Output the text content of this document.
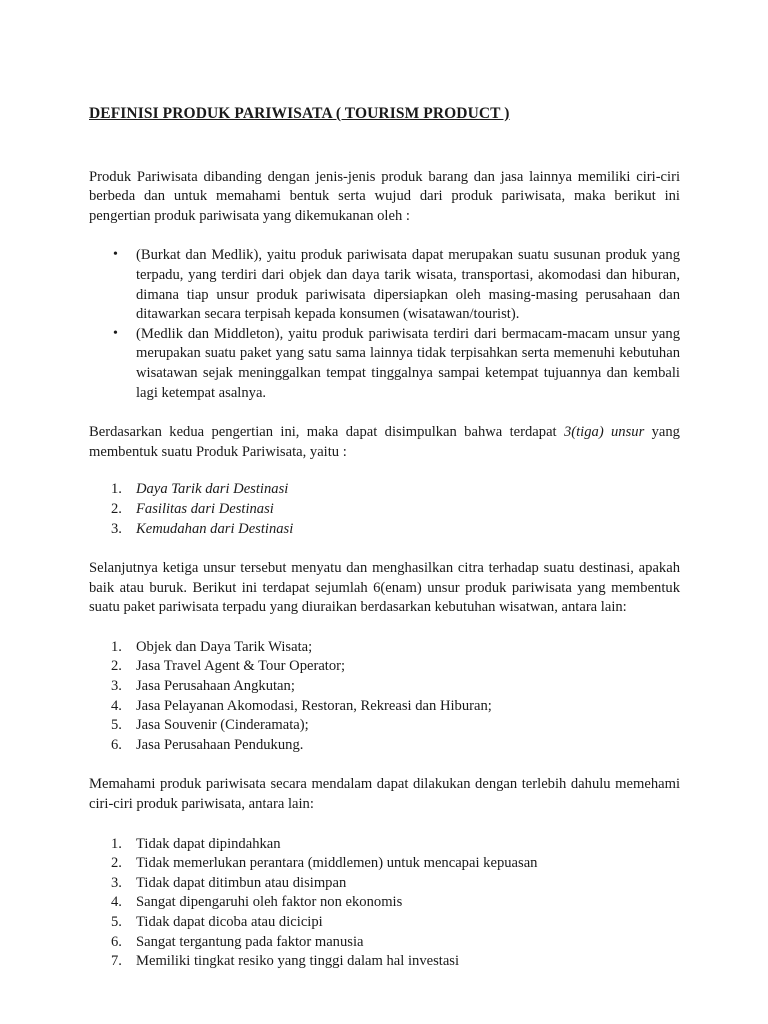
DEFINISI PRODUK PARIWISATA ( TOURISM PRODUCT )

Produk Pariwisata dibanding dengan jenis-jenis produk barang dan jasa lainnya memiliki ciri-ciri berbeda dan untuk memahami bentuk serta wujud dari produk pariwisata, maka berikut ini pengertian produk pariwisata yang dikemukanan oleh :

• (Burkat dan Medlik), yaitu produk pariwisata dapat merupakan suatu susunan produk yang terpadu, yang terdiri dari objek dan daya tarik wisata, transportasi, akomodasi dan hiburan, dimana tiap unsur produk pariwisata dipersiapkan oleh masing-masing perusahaan dan ditawarkan secara terpisah kepada konsumen (wisatawan/tourist).
• (Medlik dan Middleton), yaitu produk pariwisata terdiri dari bermacam-macam unsur yang merupakan suatu paket yang satu sama lainnya tidak terpisahkan serta memenuhi kebutuhan wisatawan sejak meninggalkan tempat tinggalnya sampai ketempat tujuannya dan kembali lagi ketempat asalnya.

Berdasarkan kedua pengertian ini, maka dapat disimpulkan bahwa terdapat 3(tiga) unsur yang membentuk suatu Produk Pariwisata, yaitu :

Daya Tarik dari Destinasi
Fasilitas dari Destinasi
Kemudahan dari Destinasi

Selanjutnya ketiga unsur tersebut menyatu dan menghasilkan citra terhadap suatu destinasi, apakah baik atau buruk. Berikut ini terdapat sejumlah 6(enam) unsur produk pariwisata yang membentuk suatu paket pariwisata terpadu yang diuraikan berdasarkan kebutuhan wisatwan, antara lain:

Objek dan Daya Tarik Wisata;
Jasa Travel Agent & Tour Operator;
Jasa Perusahaan Angkutan;
Jasa Pelayanan Akomodasi, Restoran, Rekreasi dan Hiburan;
Jasa Souvenir (Cinderamata);
Jasa Perusahaan Pendukung.

Memahami produk pariwisata secara mendalam dapat dilakukan dengan terlebih dahulu memehami ciri-ciri produk pariwisata, antara lain:

Tidak dapat dipindahkan
Tidak memerlukan perantara (middlemen) untuk mencapai kepuasan
Tidak dapat ditimbun atau disimpan
Sangat dipengaruhi oleh faktor non ekonomis
Tidak dapat dicoba atau dicicipi
Sangat tergantung pada faktor manusia
Memiliki tingkat resiko yang tinggi dalam hal investasi
